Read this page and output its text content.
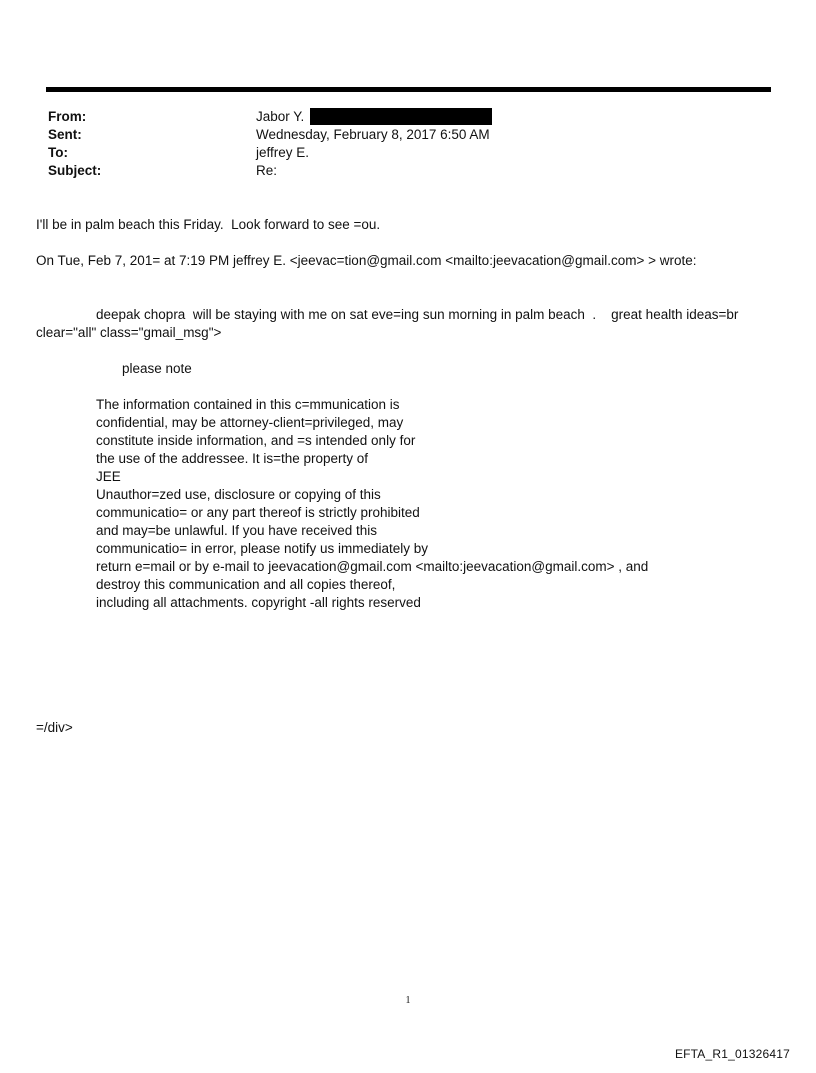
From:	Jabor Y.
Sent:	Wednesday, February 8, 2017 6:50 AM
To:	jeffrey E.
Subject:	Re:
I'll be in palm beach this Friday.  Look forward to see =ou.
On Tue, Feb 7, 201= at 7:19 PM jeffrey E. <jeevac=tion@gmail.com <mailto:jeevacation@gmail.com> > wrote:
deepak chopra  will be staying with me on sat eve=ing sun morning in palm beach  .    great health ideas=br
clear="all" class="gmail_msg">
please note
The information contained in this c=mmunication is
confidential, may be attorney-client=privileged, may
constitute inside information, and =s intended only for
the use of the addressee. It is=the property of
JEE
Unauthor=zed use, disclosure or copying of this
communicatio= or any part thereof is strictly prohibited
and may=be unlawful. If you have received this
communicatio= in error, please notify us immediately by
return e=mail or by e-mail to jeevacation@gmail.com <mailto:jeevacation@gmail.com> , and
destroy this communication and all copies thereof,
including all attachments. copyright -all rights reserved
=/div>
1
EFTA_R1_01326417
